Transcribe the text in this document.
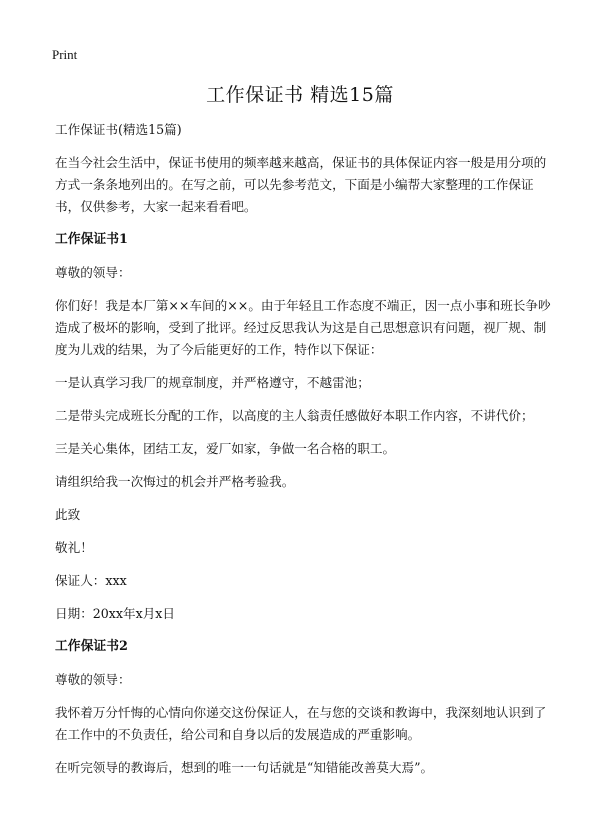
Print
工作保证书 精选15篇

工作保证书(精选15篇)

在当今社会生活中，保证书使用的频率越来越高，保证书的具体保证内容一般是用分项的方式一条条地列出的。在写之前，可以先参考范文，下面是小编帮大家整理的工作保证书，仅供参考，大家一起来看看吧。

工作保证书1

尊敬的领导：

你们好！我是本厂第××车间的××。由于年轻且工作态度不端正，因一点小事和班长争吵造成了极坏的影响，受到了批评。经过反思我认为这是自己思想意识有问题，视厂规、制度为儿戏的结果，为了今后能更好的工作，特作以下保证：

一是认真学习我厂的规章制度，并严格遵守，不越雷池；

二是带头完成班长分配的工作，以高度的主人翁责任感做好本职工作内容，不讲代价；

三是关心集体，团结工友，爱厂如家，争做一名合格的职工。

请组织给我一次悔过的机会并严格考验我。

此致

敬礼！

保证人：xxx

日期：20xx年x月x日

工作保证书2

尊敬的领导：

我怀着万分忏悔的心情向你递交这份保证人，在与您的交谈和教诲中，我深刻地认识到了在工作中的不负责任，给公司和自身以后的发展造成的严重影响。

在听完领导的教诲后，想到的唯一一句话就是“知错能改善莫大焉”。
